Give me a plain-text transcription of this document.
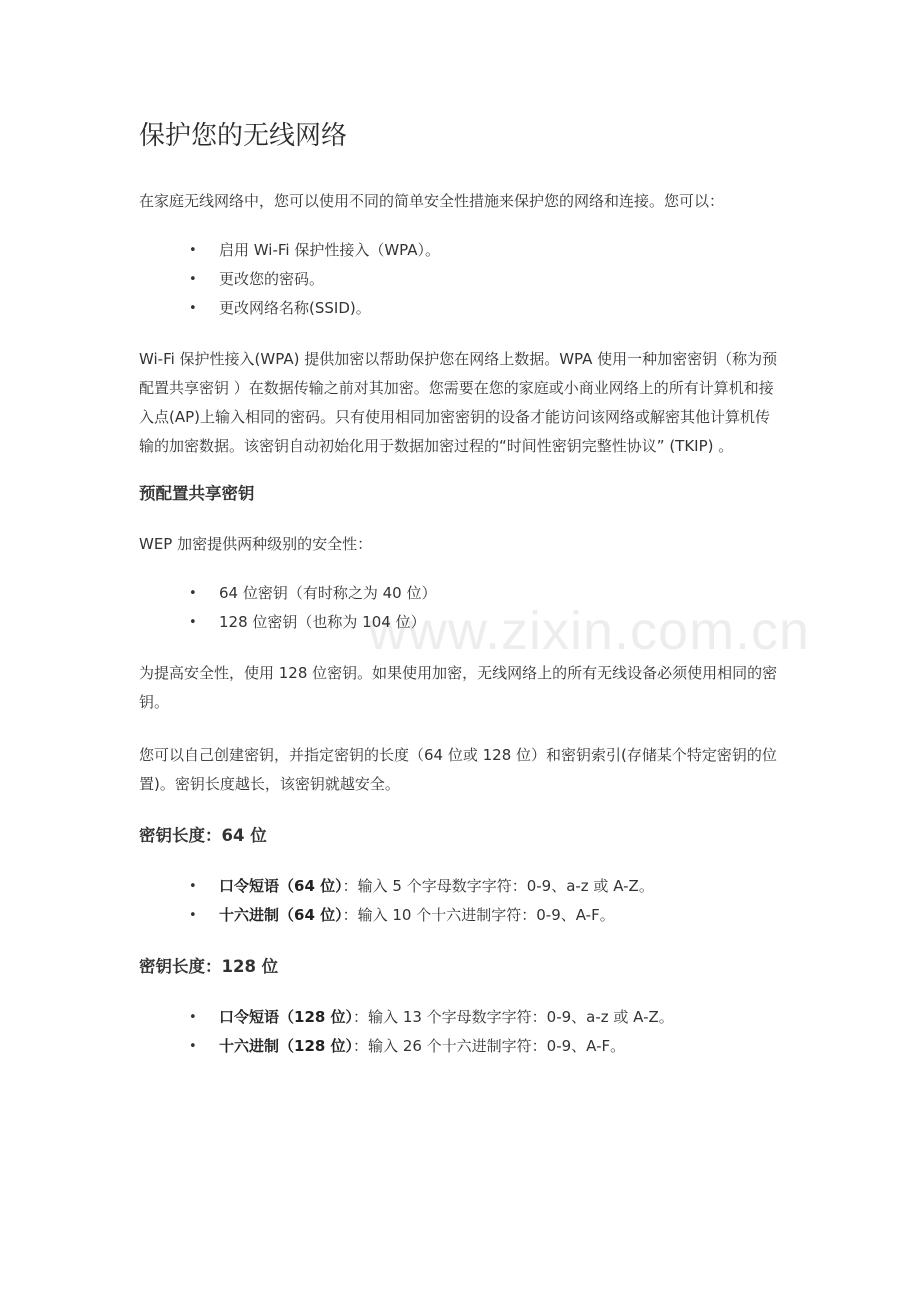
保护您的无线网络

在家庭无线网络中，您可以使用不同的简单安全性措施来保护您的网络和连接。您可以：

• 启用 Wi-Fi 保护性接入（WPA）。
• 更改您的密码。
• 更改网络名称(SSID)。

Wi-Fi 保护性接入(WPA) 提供加密以帮助保护您在网络上数据。WPA 使用一种加密密钥（称为预配置共享密钥 ）在数据传输之前对其加密。您需要在您的家庭或小商业网络上的所有计算机和接入点(AP)上输入相同的密码。只有使用相同加密密钥的设备才能访问该网络或解密其他计算机传输的加密数据。该密钥自动初始化用于数据加密过程的“时间性密钥完整性协议” (TKIP) 。

预配置共享密钥

WEP 加密提供两种级别的安全性：

• 64 位密钥（有时称之为 40 位）
• 128 位密钥（也称为 104 位）

为提高安全性，使用 128 位密钥。如果使用加密，无线网络上的所有无线设备必须使用相同的密钥。

您可以自己创建密钥，并指定密钥的长度（64 位或 128 位）和密钥索引(存储某个特定密钥的位置)。密钥长度越长，该密钥就越安全。

密钥长度：64 位
• 口令短语（64 位）：输入 5 个字母数字字符：0-9、a-z 或 A-Z。
• 十六进制（64 位）：输入 10 个十六进制字符：0-9、A-F。
密钥长度：128 位
• 口令短语（128 位）：输入 13 个字母数字字符：0-9、a-z 或 A-Z。
• 十六进制（128 位）：输入 26 个十六进制字符：0-9、A-F。
www.zixin.com.cn
